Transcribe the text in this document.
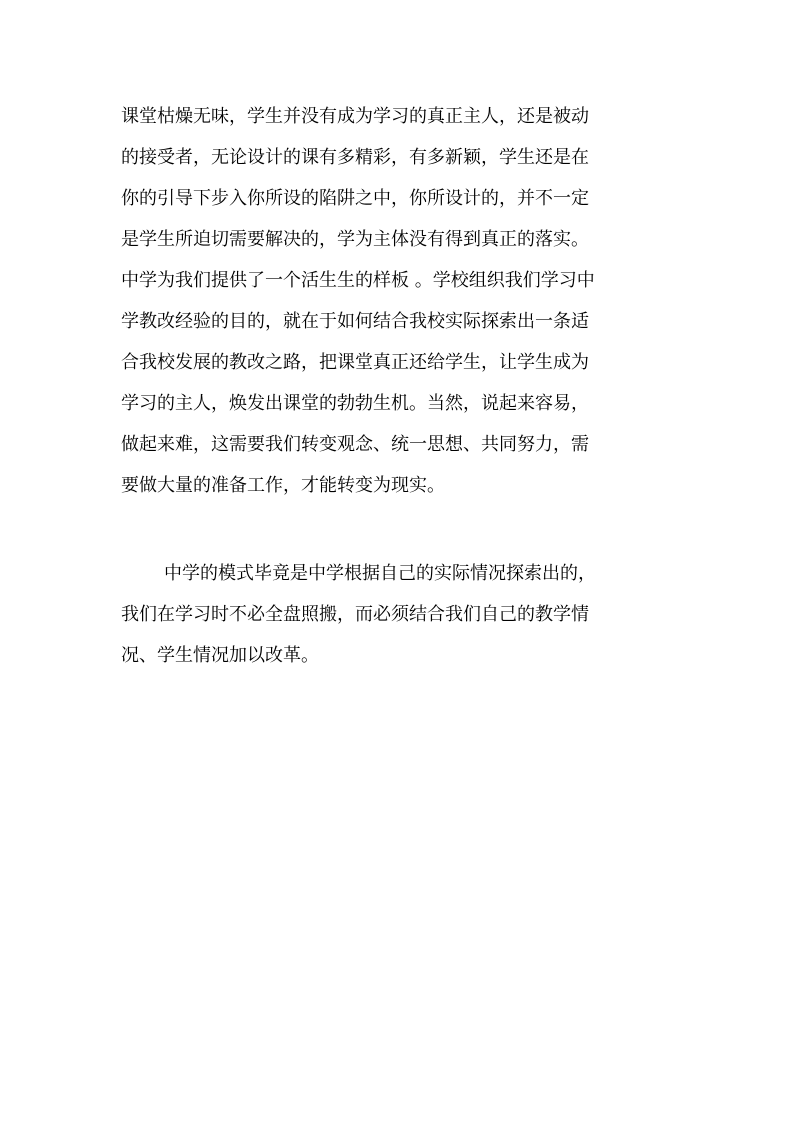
课堂枯燥无味，学生并没有成为学习的真正主人，还是被动
的接受者，无论设计的课有多精彩，有多新颖，学生还是在
你的引导下步入你所设的陷阱之中，你所设计的，并不一定
是学生所迫切需要解决的，学为主体没有得到真正的落实。
中学为我们提供了一个活生生的样板 。学校组织我们学习中
学教改经验的目的，就在于如何结合我校实际探索出一条适
合我校发展的教改之路，把课堂真正还给学生，让学生成为
学习的主人，焕发出课堂的勃勃生机。当然，说起来容易，
做起来难，这需要我们转变观念、统一思想、共同努力，需
要做大量的准备工作，才能转变为现实。
中学的模式毕竟是中学根据自己的实际情况探索出的，
我们在学习时不必全盘照搬，而必须结合我们自己的教学情
况、学生情况加以改革。
